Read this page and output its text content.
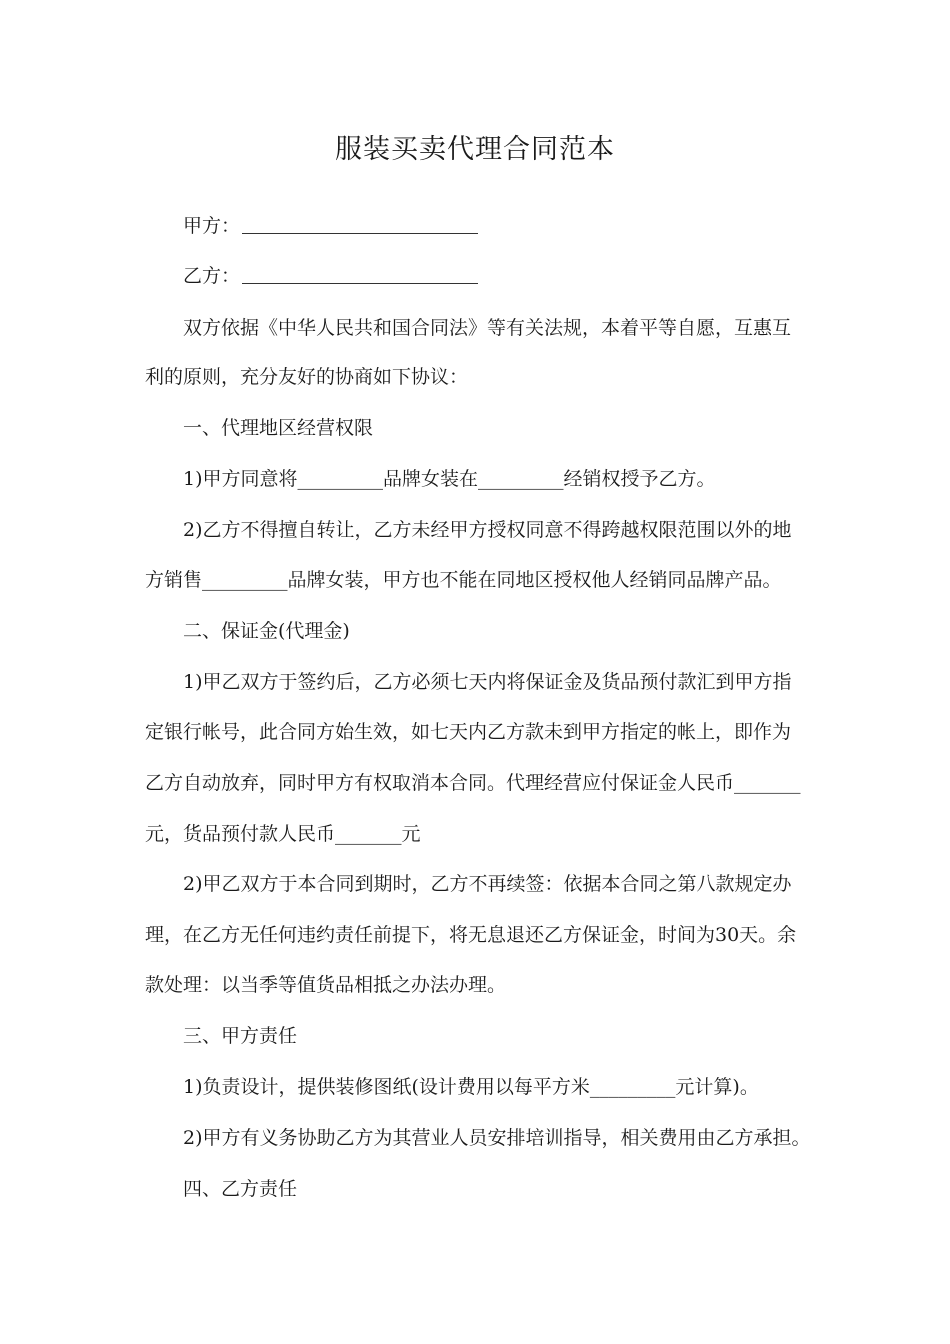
服装买卖代理合同范本
甲方：
乙方：
双方依据《中华人民共和国合同法》等有关法规，本着平等自愿，互惠互
利的原则，充分友好的协商如下协议：
一、代理地区经营权限
1)甲方同意将_________品牌女装在_________经销权授予乙方。
2)乙方不得擅自转让，乙方未经甲方授权同意不得跨越权限范围以外的地
方销售_________品牌女装，甲方也不能在同地区授权他人经销同品牌产品。
二、保证金(代理金)
1)甲乙双方于签约后，乙方必须七天内将保证金及货品预付款汇到甲方指
定银行帐号，此合同方始生效，如七天内乙方款未到甲方指定的帐上，即作为
乙方自动放弃，同时甲方有权取消本合同。代理经营应付保证金人民币_______
元，货品预付款人民币_______元
2)甲乙双方于本合同到期时，乙方不再续签：依据本合同之第八款规定办
理，在乙方无任何违约责任前提下，将无息退还乙方保证金，时间为30天。余
款处理：以当季等值货品相抵之办法办理。
三、甲方责任
1)负责设计，提供装修图纸(设计费用以每平方米_________元计算)。
2)甲方有义务协助乙方为其营业人员安排培训指导，相关费用由乙方承担。
四、乙方责任
